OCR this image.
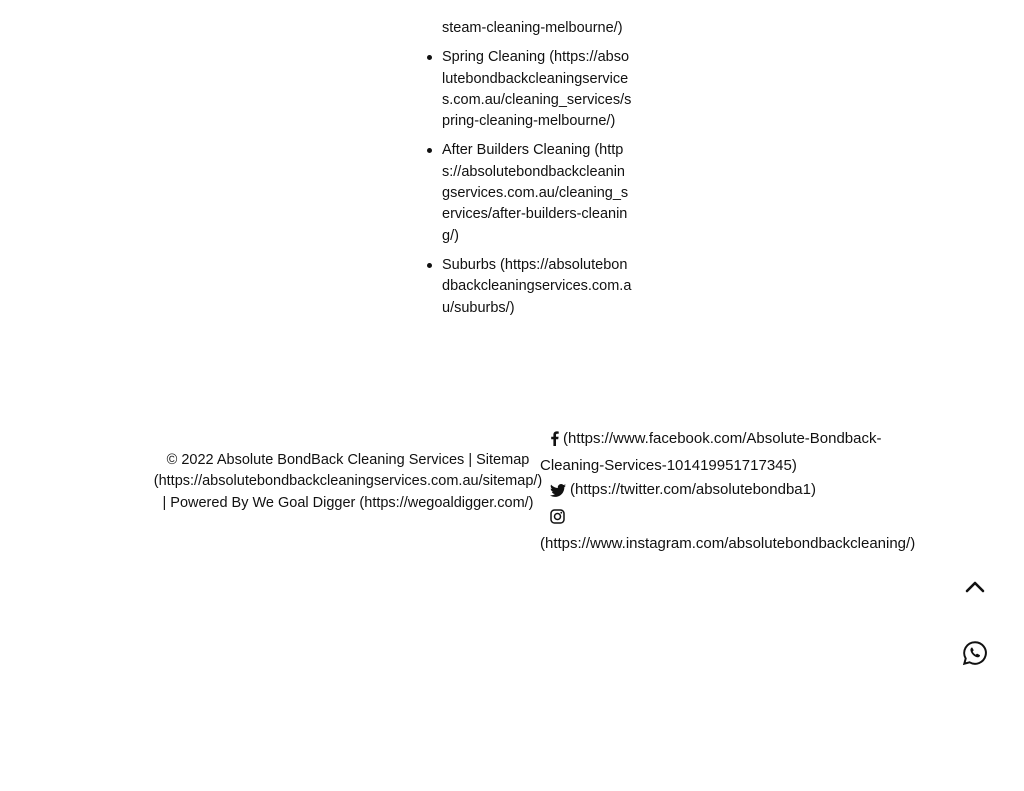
steam-cleaning-melbourne/)
Spring Cleaning (https://absolutebondbackcleaningservices.com.au/cleaning_services/spring-cleaning-melbourne/)
After Builders Cleaning (https://absolutebondbackcleaningservices.com.au/cleaning_services/after-builders-cleaning/)
Suburbs (https://absolutebondbackcleaningservices.com.au/suburbs/)
© 2022 Absolute BondBack Cleaning Services | Sitemap (https://absolutebondbackcleaningservices.com.au/sitemap/) | Powered By We Goal Digger (https://wegoaldigger.com/)
(https://www.facebook.com/Absolute-Bondback-Cleaning-Services-101419951717345)
(https://twitter.com/absolutebondba1)
(https://www.instagram.com/absolutebondbackcleaning/)
